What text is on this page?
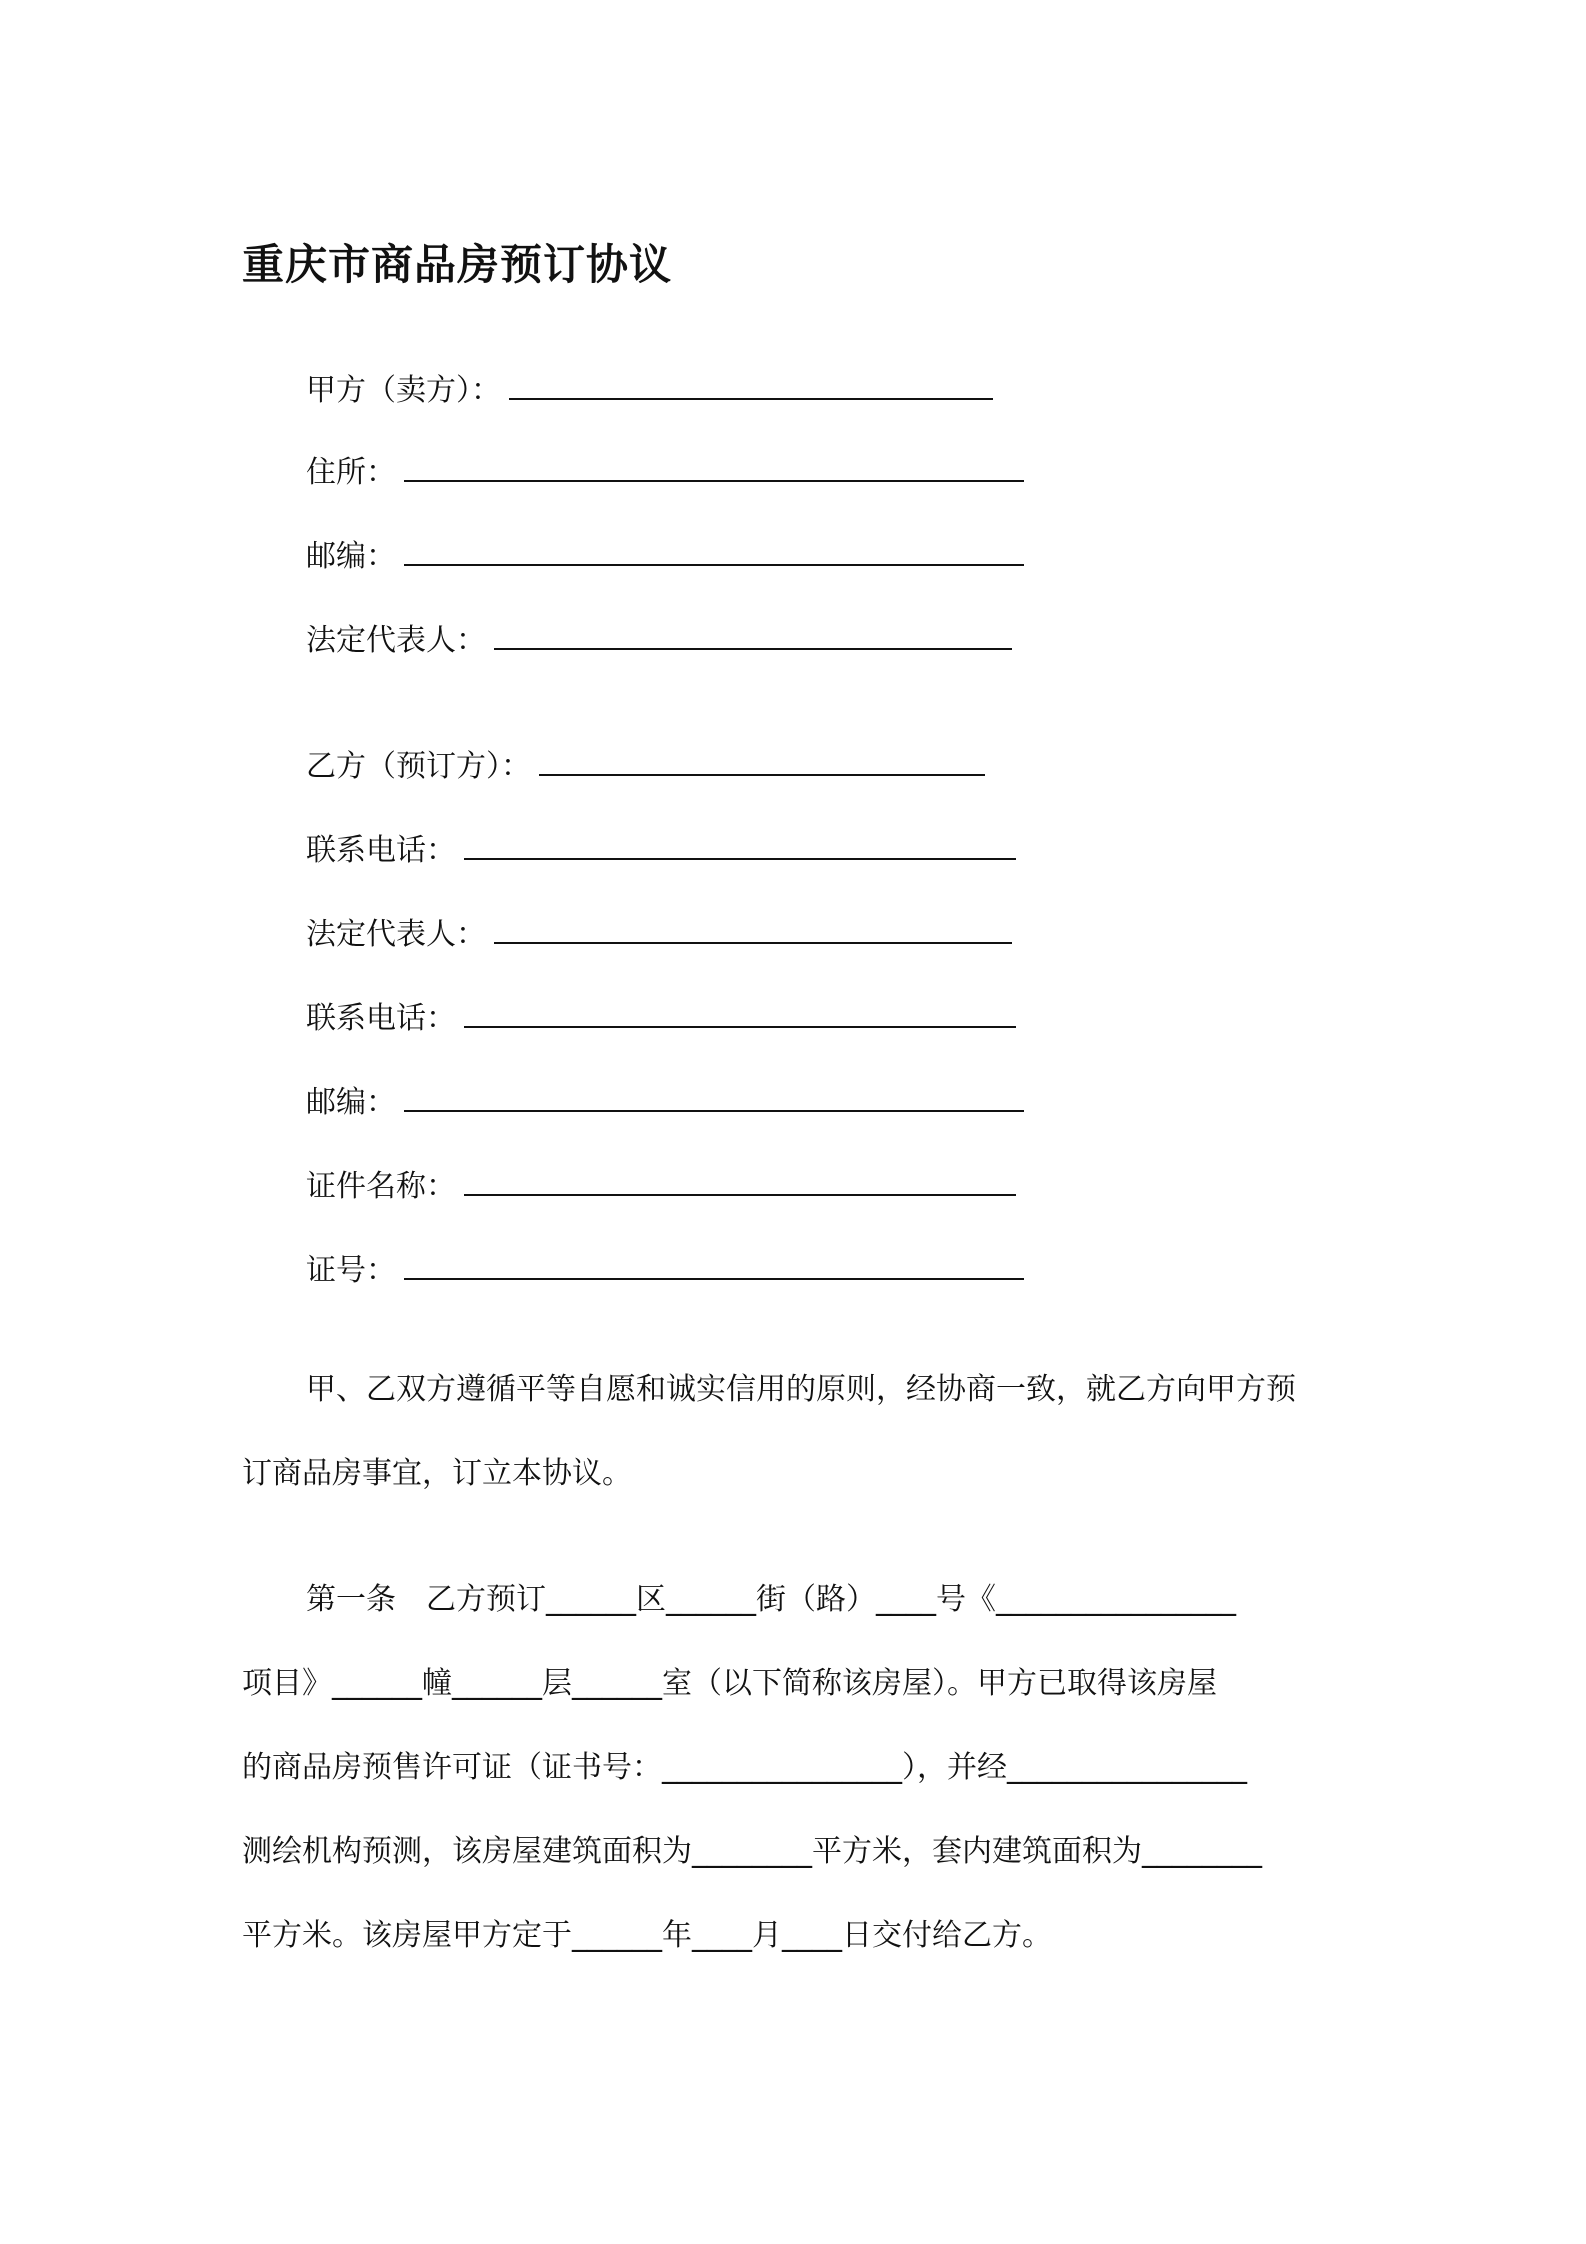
重庆市商品房预订协议
甲方（卖方）：
住所：
邮编：
法定代表人：
乙方（预订方）：
联系电话：
法定代表人：
联系电话：
邮编：
证件名称：
证号：
甲、乙双方遵循平等自愿和诚实信用的原则，经协商一致，就乙方向甲方预
订商品房事宜，订立本协议。
第一条　乙方预订______区______街（路）____号《________________
项目》______幢______层______室（以下简称该房屋）。甲方已取得该房屋
的商品房预售许可证（证书号：________________），并经________________
测绘机构预测，该房屋建筑面积为________平方米，套内建筑面积为________
平方米。该房屋甲方定于______年____月____日交付给乙方。
